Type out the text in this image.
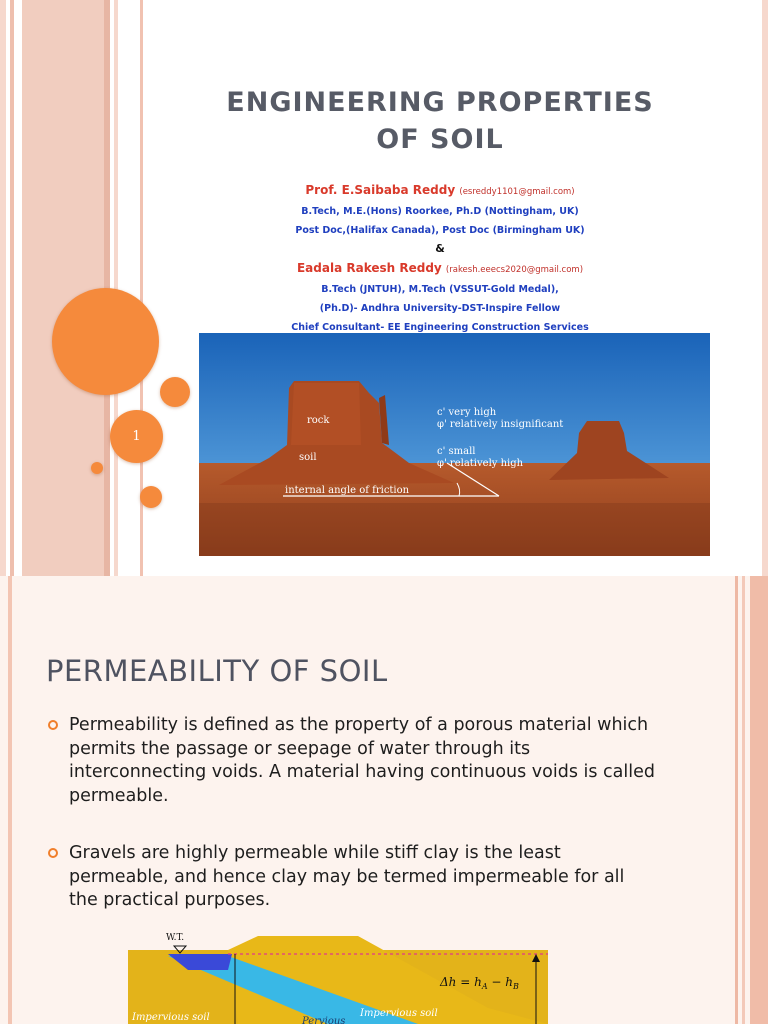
1
ENGINEERING PROPERTIES OF SOIL
Prof. E.Saibaba Reddy (esreddy1101@gmail.com)
B.Tech, M.E.(Hons) Roorkee, Ph.D (Nottingham, UK)
Post Doc,(Halifax Canada), Post Doc (Birmingham UK)
&
Eadala Rakesh Reddy (rakesh.eeecs2020@gmail.com)
B.Tech (JNTUH), M.Tech (VSSUT-Gold Medal),
(Ph.D)- Andhra University-DST-Inspire Fellow
Chief Consultant- EE Engineering Construction Services
rock
soil
internal angle of friction
c' very high
φ' relatively insignificant
c' small
φ' relatively high
PERMEABILITY OF SOIL
Permeability is defined as the property of a porous material which permits the passage or seepage of water through its interconnecting voids. A material having continuous voids is called permeable.
Gravels are highly permeable while stiff clay is the least permeable, and hence clay may be termed impermeable for all the practical purposes.
W.T.
$\Delta h = h_A - h_B$
Impervious soil	Pervious
Impervious soil
